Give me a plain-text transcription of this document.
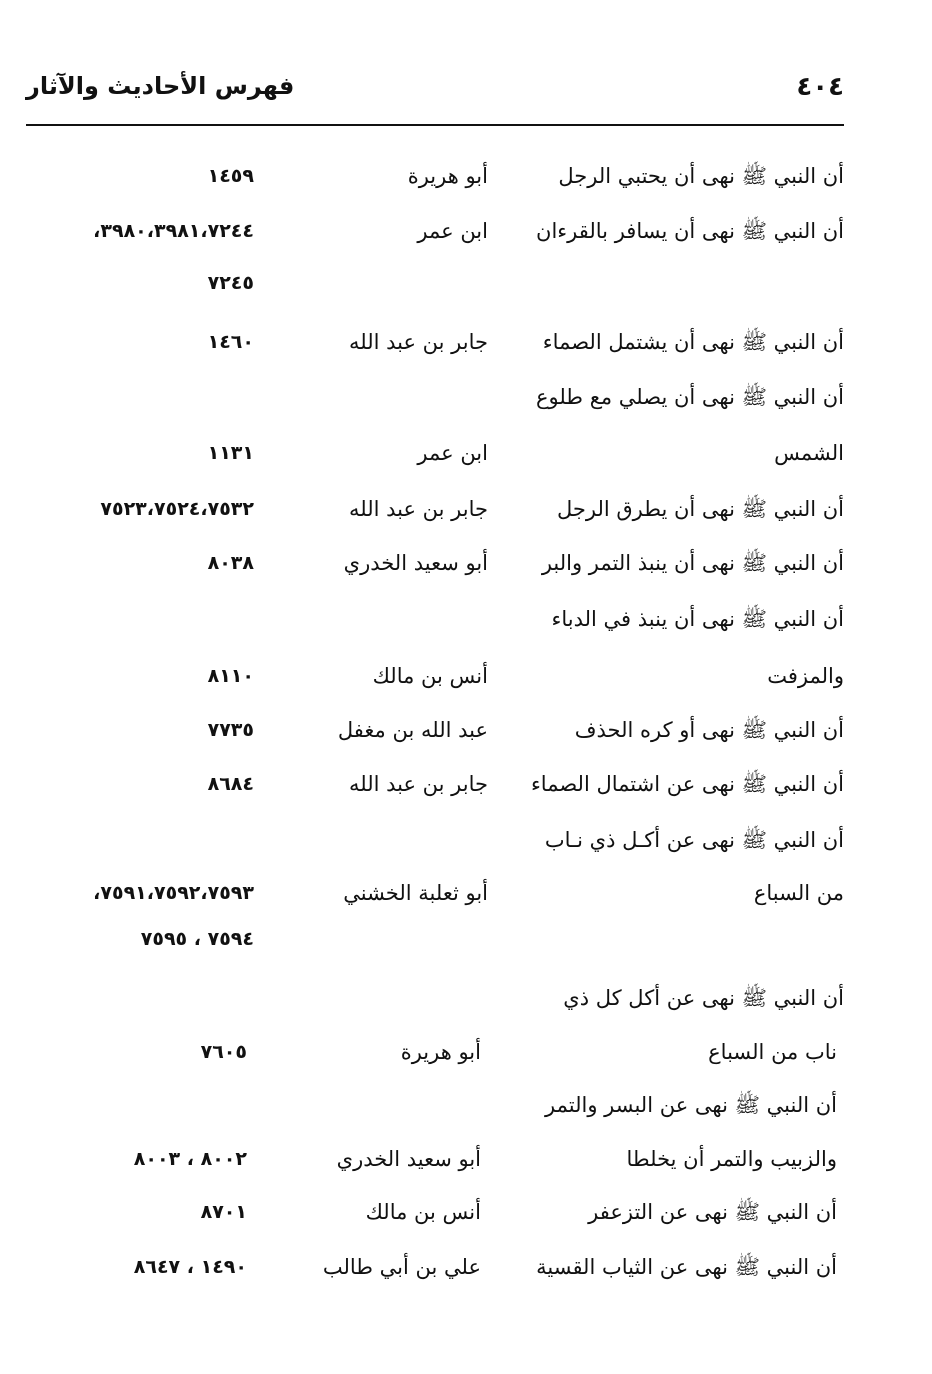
٤٠٤
فهرس الأحاديث والآثار
أن النبي ﷺ نهى أن يحتبي الرجل
أبو هريرة
١٤٥٩
أن النبي ﷺ نهى أن يسافر بالقرءان
ابن عمر
٣٩٨٠،٣٩٨١،٧٢٤٤،
٧٢٤٥
أن النبي ﷺ نهى أن يشتمل الصماء
جابر بن عبد الله
١٤٦٠
أن النبي ﷺ نهى أن يصلي مع طلوع
الشمس
ابن عمر
١١٣١
أن النبي ﷺ نهى أن يطرق الرجل
جابر بن عبد الله
٧٥٢٣،٧٥٢٤،٧٥٣٢
أن النبي ﷺ نهى أن ينبذ التمر والبر
أبو سعيد الخدري
٨٠٣٨
أن النبي ﷺ نهى أن ينبذ في الدباء
والمزفت
أنس بن مالك
٨١١٠
أن النبي ﷺ نهى أو كره الحذف
عبد الله بن مغفل
٧٧٣٥
أن النبي ﷺ نهى عن اشتمال الصماء
جابر بن عبد الله
٨٦٨٤
أن النبي ﷺ نهى عن أكـل ذي نـاب
من السباع
أبو ثعلبة الخشني
٧٥٩١،٧٥٩٢،٧٥٩٣،
٧٥٩٤ ، ٧٥٩٥
أن النبي ﷺ نهى عن أكل كل ذي
ناب من السباع
أبو هريرة
٧٦٠٥
أن النبي ﷺ نهى عن البسر والتمر
والزبيب والتمر أن يخلطا
أبو سعيد الخدري
٨٠٠٢ ، ٨٠٠٣
أن النبي ﷺ نهى عن التزعفر
أنس بن مالك
٨٧٠١
أن النبي ﷺ نهى عن الثياب القسية
علي بن أبي طالب
١٤٩٠ ، ٨٦٤٧
